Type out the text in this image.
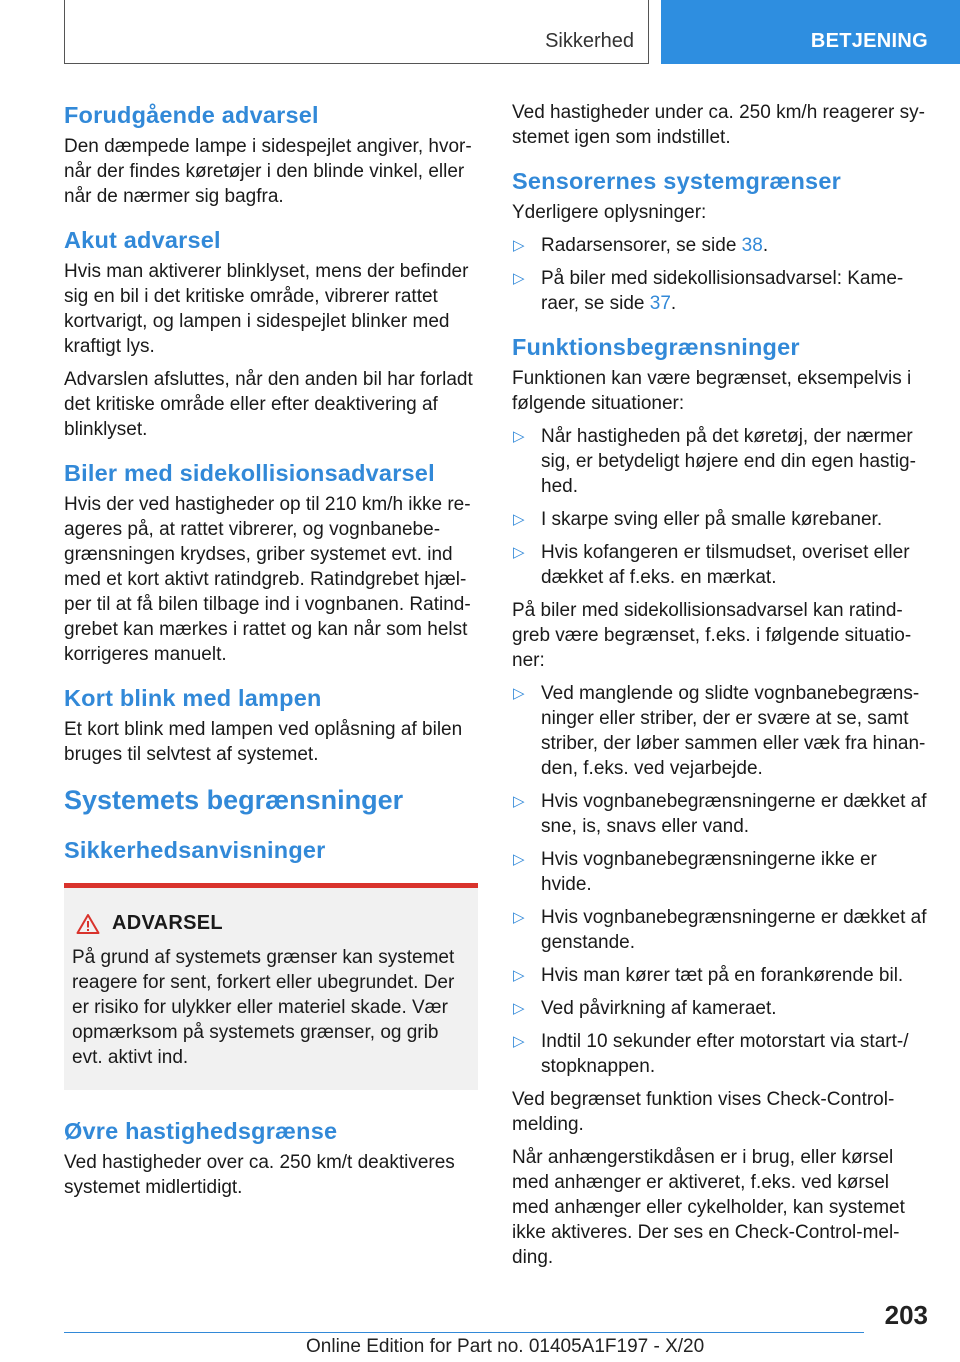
Sikkerhed	BETJENING
Forudgående advarsel

Den dæmpede lampe i sidespejlet angiver, hvor-når der findes køretøjer i den blinde vinkel, eller når de nærmer sig bagfra.

Akut advarsel

Hvis man aktiverer blinklyset, mens der befinder sig en bil i det kritiske område, vibrerer rattet kortvarigt, og lampen i sidespejlet blinker med kraftigt lys.

Advarslen afsluttes, når den anden bil har forladt det kritiske område eller efter deaktivering af blinklyset.

Biler med sidekollisionsadvarsel

Hvis der ved hastigheder op til 210 km/h ikke re-ageres på, at rattet vibrerer, og vognbanebe-grænsningen krydses, griber systemet evt. ind med et kort aktivt ratindgreb. Ratindgrebet hjæl-per til at få bilen tilbage ind i vognbanen. Ratind-grebet kan mærkes i rattet og kan når som helst korrigeres manuelt.

Kort blink med lampen

Et kort blink med lampen ved oplåsning af bilen bruges til selvtest af systemet.

Systemets begrænsninger
Sikkerhedsanvisninger
ADVARSEL

På grund af systemets grænser kan systemet reagere for sent, forkert eller ubegrundet. Der er risiko for ulykker eller materiel skade. Vær opmærksom på systemets grænser, og grib evt. aktivt ind.

Øvre hastighedsgrænse

Ved hastigheder over ca. 250 km/t deaktiveres systemet midlertidigt.

Ved hastigheder under ca. 250 km/h reagerer sy-stemet igen som indstillet.

Sensorernes systemgrænser

Yderligere oplysninger:

▷ Radarsensorer, se side 38.
▷ På biler med sidekollisionsadvarsel: Kame-raer, se side 37.
Funktionsbegrænsninger

Funktionen kan være begrænset, eksempelvis i følgende situationer:

▷ Når hastigheden på det køretøj, der nærmer sig, er betydeligt højere end din egen hastig-hed.
▷ I skarpe sving eller på smalle kørebaner.
▷ Hvis kofangeren er tilsmudset, overiset eller dækket af f.eks. en mærkat.

På biler med sidekollisionsadvarsel kan ratind-greb være begrænset, f.eks. i følgende situatio-ner:

▷ Ved manglende og slidte vognbanebegræns-ninger eller striber, der er svære at se, samt striber, der løber sammen eller væk fra hinan-den, f.eks. ved vejarbejde.
▷ Hvis vognbanebegrænsningerne er dækket af sne, is, snavs eller vand.
▷ Hvis vognbanebegrænsningerne ikke er hvide.
▷ Hvis vognbanebegrænsningerne er dækket af genstande.
▷ Hvis man kører tæt på en forankørende bil.
▷ Ved påvirkning af kameraet.
▷ Indtil 10 sekunder efter motorstart via start-/ stopknappen.

Ved begrænset funktion vises Check-Control-melding.

Når anhængerstikdåsen er i brug, eller kørsel med anhænger er aktiveret, f.eks. ved kørsel med anhænger eller cykelholder, kan systemet ikke aktiveres. Der ses en Check-Control-mel-ding.

203
Online Edition for Part no. 01405A1F197 - X/20
